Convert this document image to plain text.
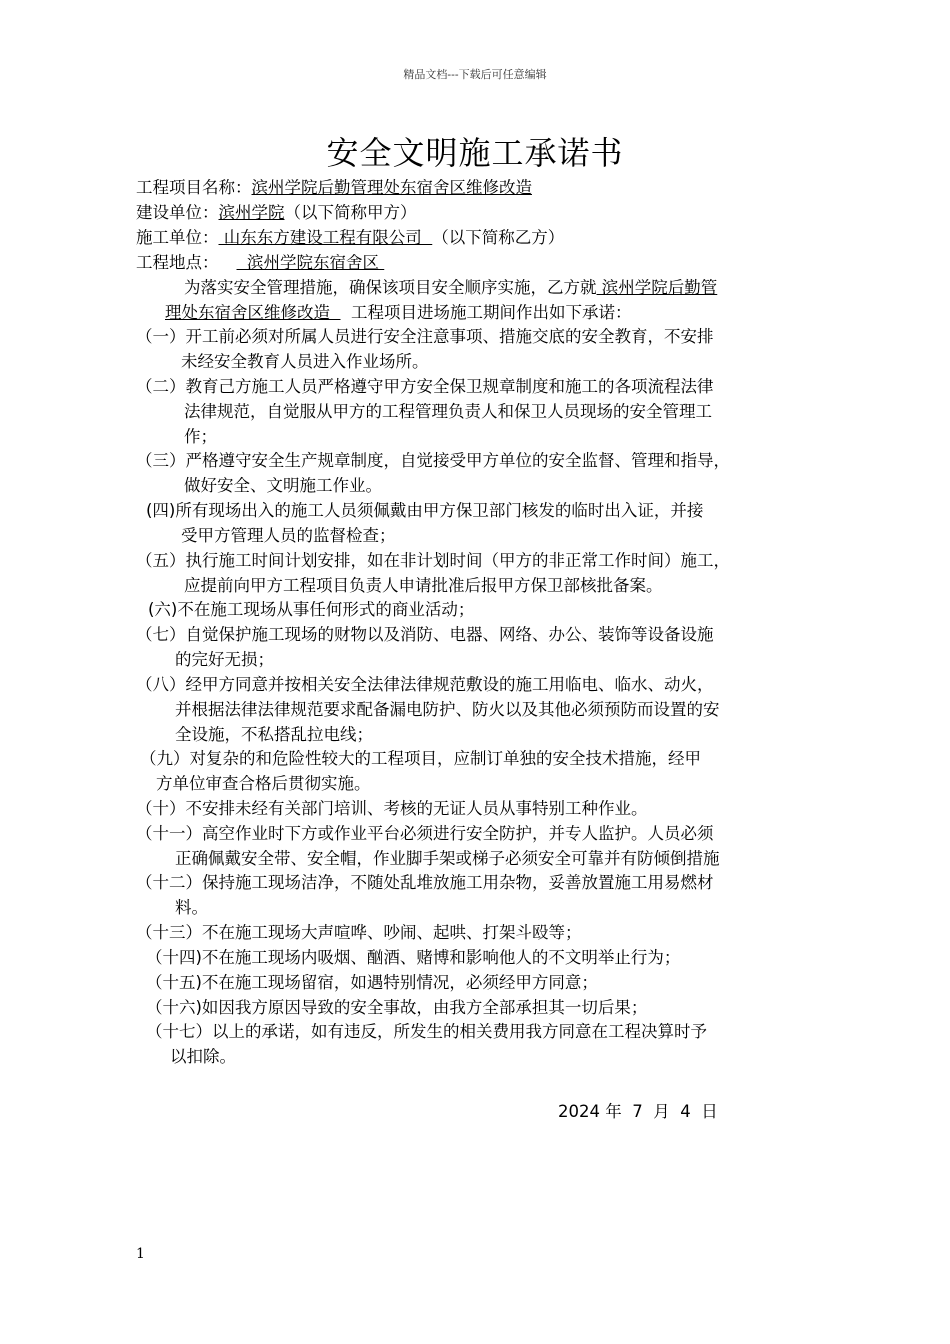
精品文档---下载后可任意编辑
安全文明施工承诺书
工程项目名称：滨州学院后勤管理处东宿舍区维修改造
建设单位：滨州学院（以下简称甲方）
施工单位： 山东东方建设工程有限公司  （以下简称乙方）
工程地点：  滨州学院东宿舍区
为落实安全管理措施，确保该项目安全顺序实施，乙方就 滨州学院后勤管
理处东宿舍区维修改造    工程项目进场施工期间作出如下承诺：
（一）开工前必须对所属人员进行安全注意事项、措施交底的安全教育，不安排
未经安全教育人员进入作业场所。
（二）教育己方施工人员严格遵守甲方安全保卫规章制度和施工的各项流程法律
法律规范，自觉服从甲方的工程管理负责人和保卫人员现场的安全管理工
作；
（三）严格遵守安全生产规章制度，自觉接受甲方单位的安全监督、管理和指导，
做好安全、文明施工作业。
(四)所有现场出入的施工人员须佩戴由甲方保卫部门核发的临时出入证，并接
受甲方管理人员的监督检查；
（五）执行施工时间计划安排，如在非计划时间（甲方的非正常工作时间）施工，
应提前向甲方工程项目负责人申请批准后报甲方保卫部核批备案。
(六)不在施工现场从事任何形式的商业活动；
（七）自觉保护施工现场的财物以及消防、电器、网络、办公、装饰等设备设施
的完好无损；
（八）经甲方同意并按相关安全法律法律规范敷设的施工用临电、临水、动火，
并根据法律法律规范要求配备漏电防护、防火以及其他必须预防而设置的安
全设施，不私搭乱拉电线；
（九）对复杂的和危险性较大的工程项目，应制订单独的安全技术措施，经甲
方单位审查合格后贯彻实施。
（十）不安排未经有关部门培训、考核的无证人员从事特别工种作业。
（十一）高空作业时下方或作业平台必须进行安全防护，并专人监护。人员必须
正确佩戴安全带、安全帽，作业脚手架或梯子必须安全可靠并有防倾倒措施
（十二）保持施工现场洁净，不随处乱堆放施工用杂物，妥善放置施工用易燃材
料。
（十三）不在施工现场大声喧哗、吵闹、起哄、打架斗殴等；
（十四)不在施工现场内吸烟、酗酒、赌博和影响他人的不文明举止行为；
（十五)不在施工现场留宿，如遇特别情况，必须经甲方同意；
（十六)如因我方原因导致的安全事故，由我方全部承担其一切后果；
（十七）以上的承诺，如有违反，所发生的相关费用我方同意在工程决算时予
以扣除。
2024 年  7  月  4  日
1
